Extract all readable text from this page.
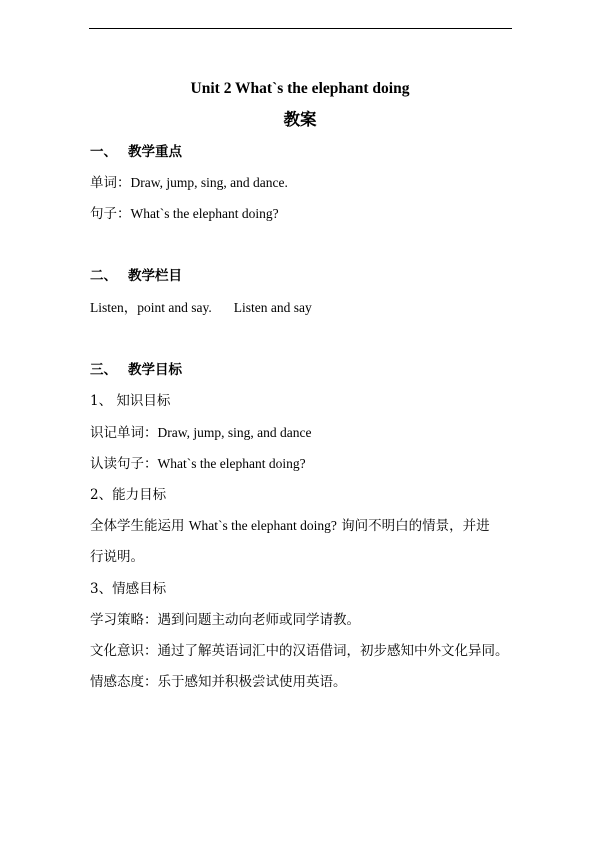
Unit 2 What`s the elephant doing
教案
一、 教学重点
单词：Draw, jump, sing, and dance.
句子：What`s the elephant doing?
二、 教学栏目
Listen，point and say. Listen and say
三、 教学目标
1、 知识目标
识记单词：Draw, jump, sing, and dance
认读句子：What`s the elephant doing?
2、能力目标
全体学生能运用 What`s the elephant doing? 询问不明白的情景，并进
行说明。
3、情感目标
学习策略：遇到问题主动向老师或同学请教。
文化意识：通过了解英语词汇中的汉语借词，初步感知中外文化异同。
情感态度：乐于感知并积极尝试使用英语。
